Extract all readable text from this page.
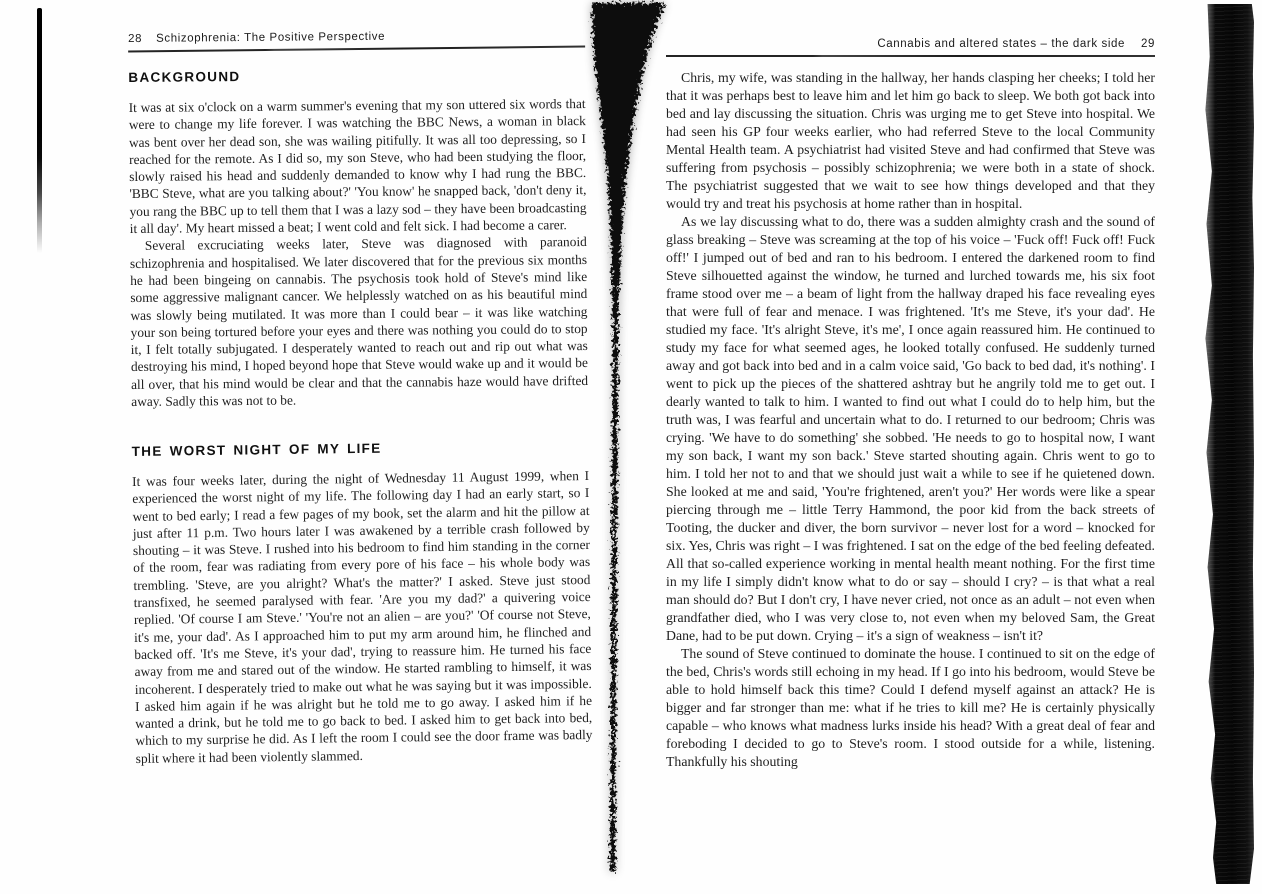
28 Schizophrenia: The Positive Perspective
BACKGROUND

It was at six o'clock on a warm summer's evening that my son uttered six words that were to change my life forever. I was watching the BBC News, a woman in black was bent over her dead son, she was wailing pitifully. It was all too depressing, so I reached for the remote. As I did so, my son Steve, who had been studying the floor, slowly raised his head and suddenly demanded to know why I had rung the BBC. 'BBC Steve, what are you talking about?' 'You know' he snapped back, 'don't deny it, you rang the BBC up to tell them that I was a lazy sod – they have been broadcasting it all day'. My heart missed a beat; I went cold and felt sick. I had become a carer.

Several excruciating weeks later, Steve was diagnosed with paranoid schizophrenia and hospitalised. We later discovered that for the previous six months he had been bingeing on cannabis. The psychosis took hold of Steve's mind like some aggressive malignant cancer. We helplessly watched on as his beautiful mind was slowly being mutilated. It was more than I could bear – it was like watching your son being tortured before your eyes and there was nothing you could do to stop it, I felt totally subjugated. I desperately wanted to reach out and rip out what was destroying his mind, I hoped beyond hope that Steve would wake up and it would be all over, that his mind would be clear and that the cannabis haze would have drifted away. Sadly this was not to be.

THE WORST NIGHT OF MY LIFE

It was four weeks later, during the night of Wednesday 11 August 1999, when I experienced the worst night of my life. The following day I had an early start, so I went to bed early; I read a few pages of my book, set the alarm and hit the pillow at just after 11 p.m. Two hours later I was awakened by a terrible crash followed by shouting – it was Steve. I rushed into his bedroom to find him standing in the corner of the room, fear was radiating from every pore of his face – his whole body was trembling. 'Steve, are you alright? What's the matter?' I asked. Steve just stood transfixed, he seemed paralysed with fear. 'Are you my dad?' a quivering voice replied. 'Of course I am Steve.' 'You're not an alien – are you?' 'Of course not Steve, it's me, your dad'. As I approached him to put my arm around him, he flinched and backed off. 'It's me Steve, it's your dad', trying to reassure him. He turned his face away from me and stared out of the window. He started rambling to himself, it was incoherent. I desperately tried to make out what he was saying but it was impossible. I asked him again if he was alright but he told me to go away. I asked him if he wanted a drink, but he told me to go back to bed. I asked him to get back into bed, which to my surprise he did. As I left the room I could see the door frame was badly split where it had been violently slammed.

Cannabis and altered states – the dark side 29

Chris, my wife, was standing in the hallway, her hands clasping her cheeks; I told her that it was perhaps best to leave him and let him go back to sleep. We both got back into bed and lay discussing the situation. Chris was urging me to get Steve into hospital. We had seen his GP four weeks earlier, who had referred Steve to the local Community Mental Health team. A psychiatrist had visited Steve and had confirmed that Steve was suffering from psychosis – possibly schizophrenia; we were both in a state of shock. The psychiatrist suggested that we wait to see how things developed and that they would try and treat his psychosis at home rather than in hospital.

As we lay discussing what to do, there was a sudden almighty crash and the sound of glass breaking – Steve was screaming at the top of his voice – 'Fuck off! Fuck off! Fuck off!' I jumped out of bed and ran to his bedroom. I entered the darkened room to find Steve silhouetted against the window, he turned and lurched towards me, his six foot frame stood over me – a beam of light from the hallway draped his face revealing eyes that were full of fear and menace. I was frightened. 'It's me Steve, it's your dad'. He studied my face. 'It's alright Steve, it's me', I once again reassured him. He continued to study my face for what seemed ages, he looked totally confused. He suddenly turned away and got back into bed and in a calm voice said, 'Go back to bed dad, it's nothing'. I went to pick up the pieces of the shattered ashtray but he angrily told me to get out. I dearly wanted to talk to him. I wanted to find out what I could do to help him, but the truth was, I was fearful and uncertain what to do. I returned to our bedroom; Chris was crying. 'We have to do something' she sobbed. 'He needs to go to hospital now, I want my son back, I want my son back.' Steve started shouting again. Chris went to go to him. I told her not to and that we should just wait a while to see if he quietened down. She looked at me and said, 'You're frightened, aren't you?' Her words were like a spear piercing through me – little Terry Hammond, the poor kid from the back streets of Tooting, the ducker and diver, the born survivor – never lost for a word – knocked for six. Yes, Chris was right – I was frightened. I sat on the edge of the bed feeling defeated. All that so-called experience working in mental health meant nothing. For the first time in my life I simply didn't know what to do or say – should I cry? – is that what a real man should do? But I don't cry, I have never cried, not once as an adult – not even when grandfather died, who I was very close to, not even when my beloved Sam, the Great Dane, had to be put down. Crying – it's a sign of weakness – isn't it?

The sound of Steve continued to dominate the house. I continued to sit on the edge of the bed, Chris's words still echoing in my head. If I go into his bedroom, would Steve be able to hold himself back this time? Could I defend myself against an attack? He is bigger and far stronger than me: what if he tries to kill me? He is certainly physically capable – who knows what madness lurks inside his head? With a great deal of fear and foreboding I decided to go to Steve's room. I stood outside for a while, listening. Thankfully his shouting
